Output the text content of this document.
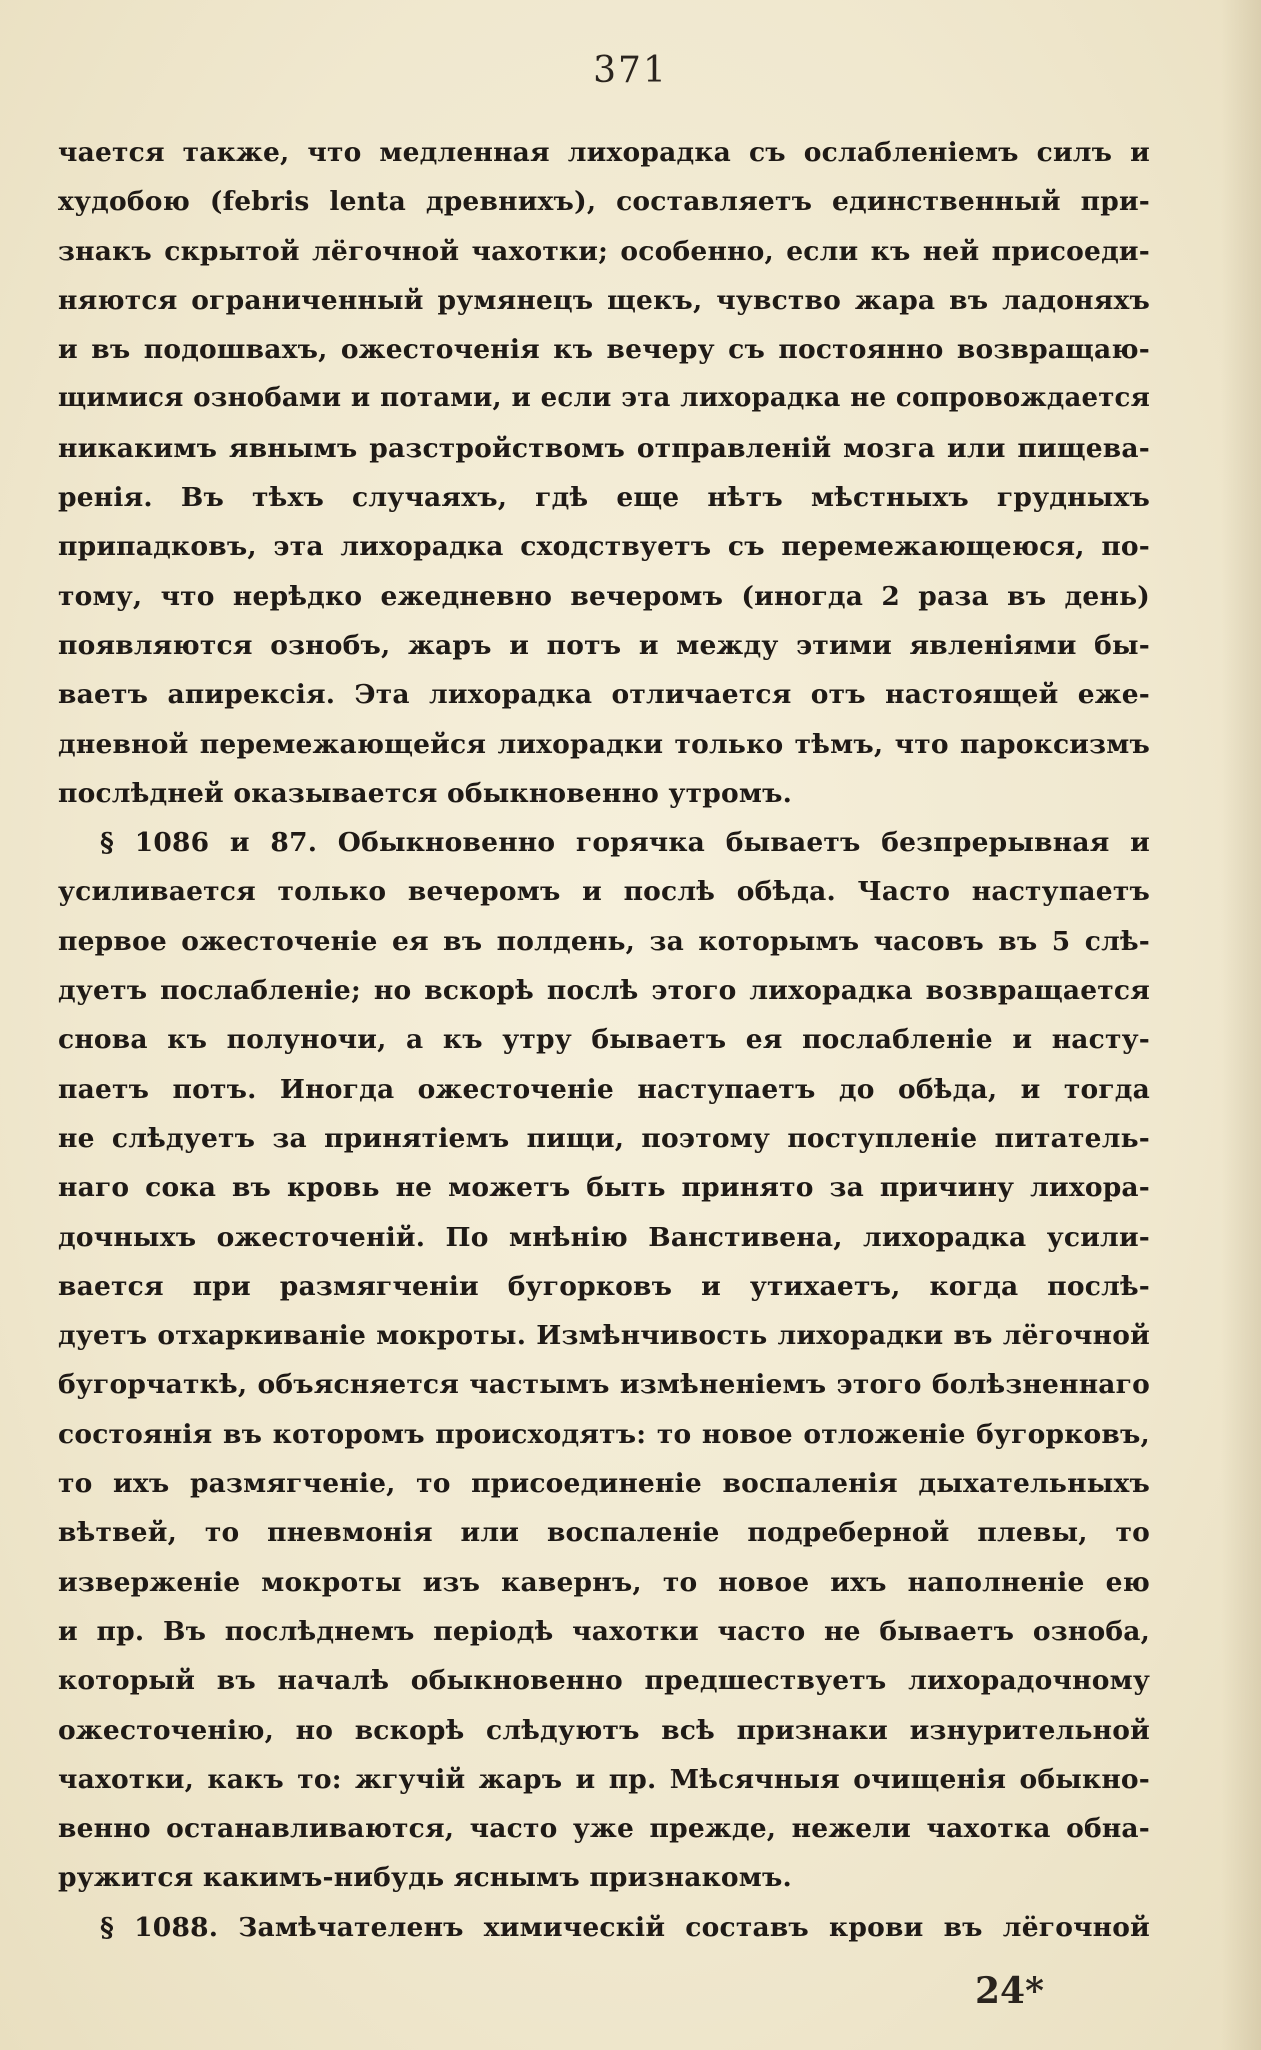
371
чается также, что медленная лихорадка съ ослабленіемъ силъ и
худобою (febris lenta древнихъ), составляетъ единственный при-
знакъ скрытой лёгочной чахотки; особенно, если къ ней присоеди-
няются ограниченный румянецъ щекъ, чувство жара въ ладоняхъ
и въ подошвахъ, ожесточенія къ вечеру съ постоянно возвращаю-
щимися ознобами и потами, и если эта лихорадка не сопровождается
никакимъ явнымъ разстройствомъ отправленій мозга или пищева-
ренія. Въ тѣхъ случаяхъ, гдѣ еще нѣтъ мѣстныхъ грудныхъ
припадковъ, эта лихорадка сходствуетъ съ перемежающеюся, по-
тому, что нерѣдко ежедневно вечеромъ (иногда 2 раза въ день)
появляются ознобъ, жаръ и потъ и между этими явленіями бы-
ваетъ апирексія. Эта лихорадка отличается отъ настоящей еже-
дневной перемежающейся лихорадки только тѣмъ, что пароксизмъ
послѣдней оказывается обыкновенно утромъ.
§ 1086 и 87. Обыкновенно горячка бываетъ безпрерывная и
усиливается только вечеромъ и послѣ обѣда. Часто наступаетъ
первое ожесточеніе ея въ полдень, за которымъ часовъ въ 5 слѣ-
дуетъ послабленіе; но вскорѣ послѣ этого лихорадка возвращается
снова къ полуночи, а къ утру бываетъ ея послабленіе и насту-
паетъ потъ. Иногда ожесточеніе наступаетъ до обѣда, и тогда
не слѣдуетъ за принятіемъ пищи, поэтому поступленіе питатель-
наго сока въ кровь не можетъ быть принято за причину лихора-
дочныхъ ожесточеній. По мнѣнію Ванстивена, лихорадка усили-
вается при размягченіи бугорковъ и утихаетъ, когда послѣ-
дуетъ отхаркиваніе мокроты. Измѣнчивость лихорадки въ лёгочной
бугорчаткѣ, объясняется частымъ измѣненіемъ этого болѣзненнаго
состоянія въ которомъ происходятъ: то новое отложеніе бугорковъ,
то ихъ размягченіе, то присоединеніе воспаленія дыхательныхъ
вѣтвей, то пневмонія или воспаленіе подреберной плевы, то
изверженіе мокроты изъ кавернъ, то новое ихъ наполненіе ею
и пр. Въ послѣднемъ періодѣ чахотки часто не бываетъ озноба,
который въ началѣ обыкновенно предшествуетъ лихорадочному
ожесточенію, но вскорѣ слѣдуютъ всѣ признаки изнурительной
чахотки, какъ то: жгучій жаръ и пр. Мѣсячныя очищенія обыкно-
венно останавливаются, часто уже прежде, нежели чахотка обна-
ружится какимъ-нибудь яснымъ признакомъ.
§ 1088. Замѣчателенъ химическій составъ крови въ лёгочной
24*
